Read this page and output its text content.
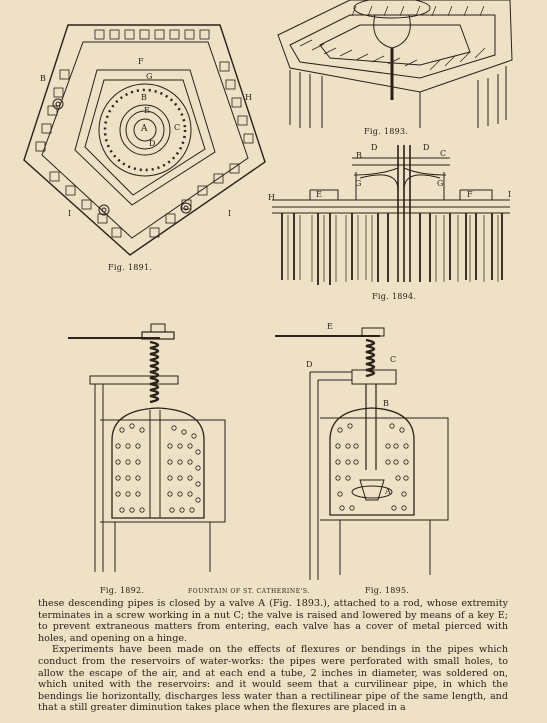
A
B
C
D
E
F
G
H
I	I
B
B
D	D
C
G	G
H	E	F	I
E
D
C
B
A
Fig. 1891.
Fig. 1893.
Fig. 1894.
Fig. 1892.	FOUNTAIN OF ST. CATHERINE'S.	Fig. 1895.

these descending pipes is closed by a valve A (Fig. 1893.), attached to a rod, whose extremity terminates in a screw working in a nut C; the valve is raised and lowered by means of a key E; to prevent extraneous matters from entering, each valve has a cover of metal pierced with holes, and opening on a hinge.

Experiments have been made on the effects of flexures or bendings in the pipes which conduct from the reservoirs of water-works: the pipes were perforated with small holes, to allow the escape of the air, and at each end a tube, 2 inches in diameter, was soldered on, which united with the reservoirs: and it would seem that a curvilinear pipe, in which the bendings lie horizontally, discharges less water than a rectilinear pipe of the same length, and that a still greater diminution takes place when the flexures are placed in a
